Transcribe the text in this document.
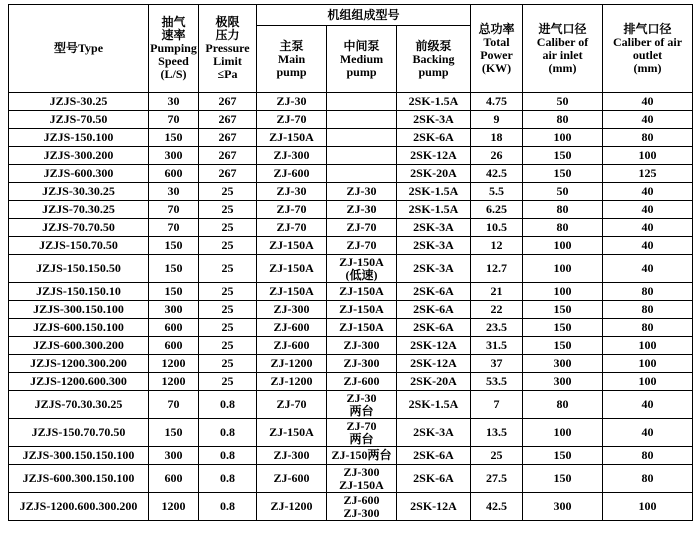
型号Type	抽气
速率
Pumping
Speed
(L/S)	极限
压力
Pressure
Limit
≤Pa	机组组成型号			总功率
Total
Power
(KW)	进气口径
Caliber of
air inlet
(mm)	排气口径
Caliber of air
outlet
(mm)

			主泵
Main
pump	中间泵
Medium
pump	前级泵
Backing
pump			

JZJS-30.25	30	267	ZJ-30		2SK-1.5A	4.75	50	40
JZJS-70.50	70	267	ZJ-70		2SK-3A	9	80	40
JZJS-150.100	150	267	ZJ-150A		2SK-6A	18	100	80
JZJS-300.200	300	267	ZJ-300		2SK-12A	26	150	100
JZJS-600.300	600	267	ZJ-600		2SK-20A	42.5	150	125
JZJS-30.30.25	30	25	ZJ-30	ZJ-30	2SK-1.5A	5.5	50	40
JZJS-70.30.25	70	25	ZJ-70	ZJ-30	2SK-1.5A	6.25	80	40
JZJS-70.70.50	70	25	ZJ-70	ZJ-70	2SK-3A	10.5	80	40
JZJS-150.70.50	150	25	ZJ-150A	ZJ-70	2SK-3A	12	100	40
JZJS-150.150.50	150	25	ZJ-150A	ZJ-150A
(低速)	2SK-3A	12.7	100	40
JZJS-150.150.10	150	25	ZJ-150A	ZJ-150A	2SK-6A	21	100	80
JZJS-300.150.100	300	25	ZJ-300	ZJ-150A	2SK-6A	22	150	80
JZJS-600.150.100	600	25	ZJ-600	ZJ-150A	2SK-6A	23.5	150	80
JZJS-600.300.200	600	25	ZJ-600	ZJ-300	2SK-12A	31.5	150	100
JZJS-1200.300.200	1200	25	ZJ-1200	ZJ-300	2SK-12A	37	300	100
JZJS-1200.600.300	1200	25	ZJ-1200	ZJ-600	2SK-20A	53.5	300	100
JZJS-70.30.30.25	70	0.8	ZJ-70	ZJ-30
两台	2SK-1.5A	7	80	40
JZJS-150.70.70.50	150	0.8	ZJ-150A	ZJ-70
两台	2SK-3A	13.5	100	40
JZJS-300.150.150.100	300	0.8	ZJ-300	ZJ-150两台	2SK-6A	25	150	80
JZJS-600.300.150.100	600	0.8	ZJ-600	ZJ-300
ZJ-150A	2SK-6A	27.5	150	80
JZJS-1200.600.300.200	1200	0.8	ZJ-1200	ZJ-600
ZJ-300	2SK-12A	42.5	300	100
